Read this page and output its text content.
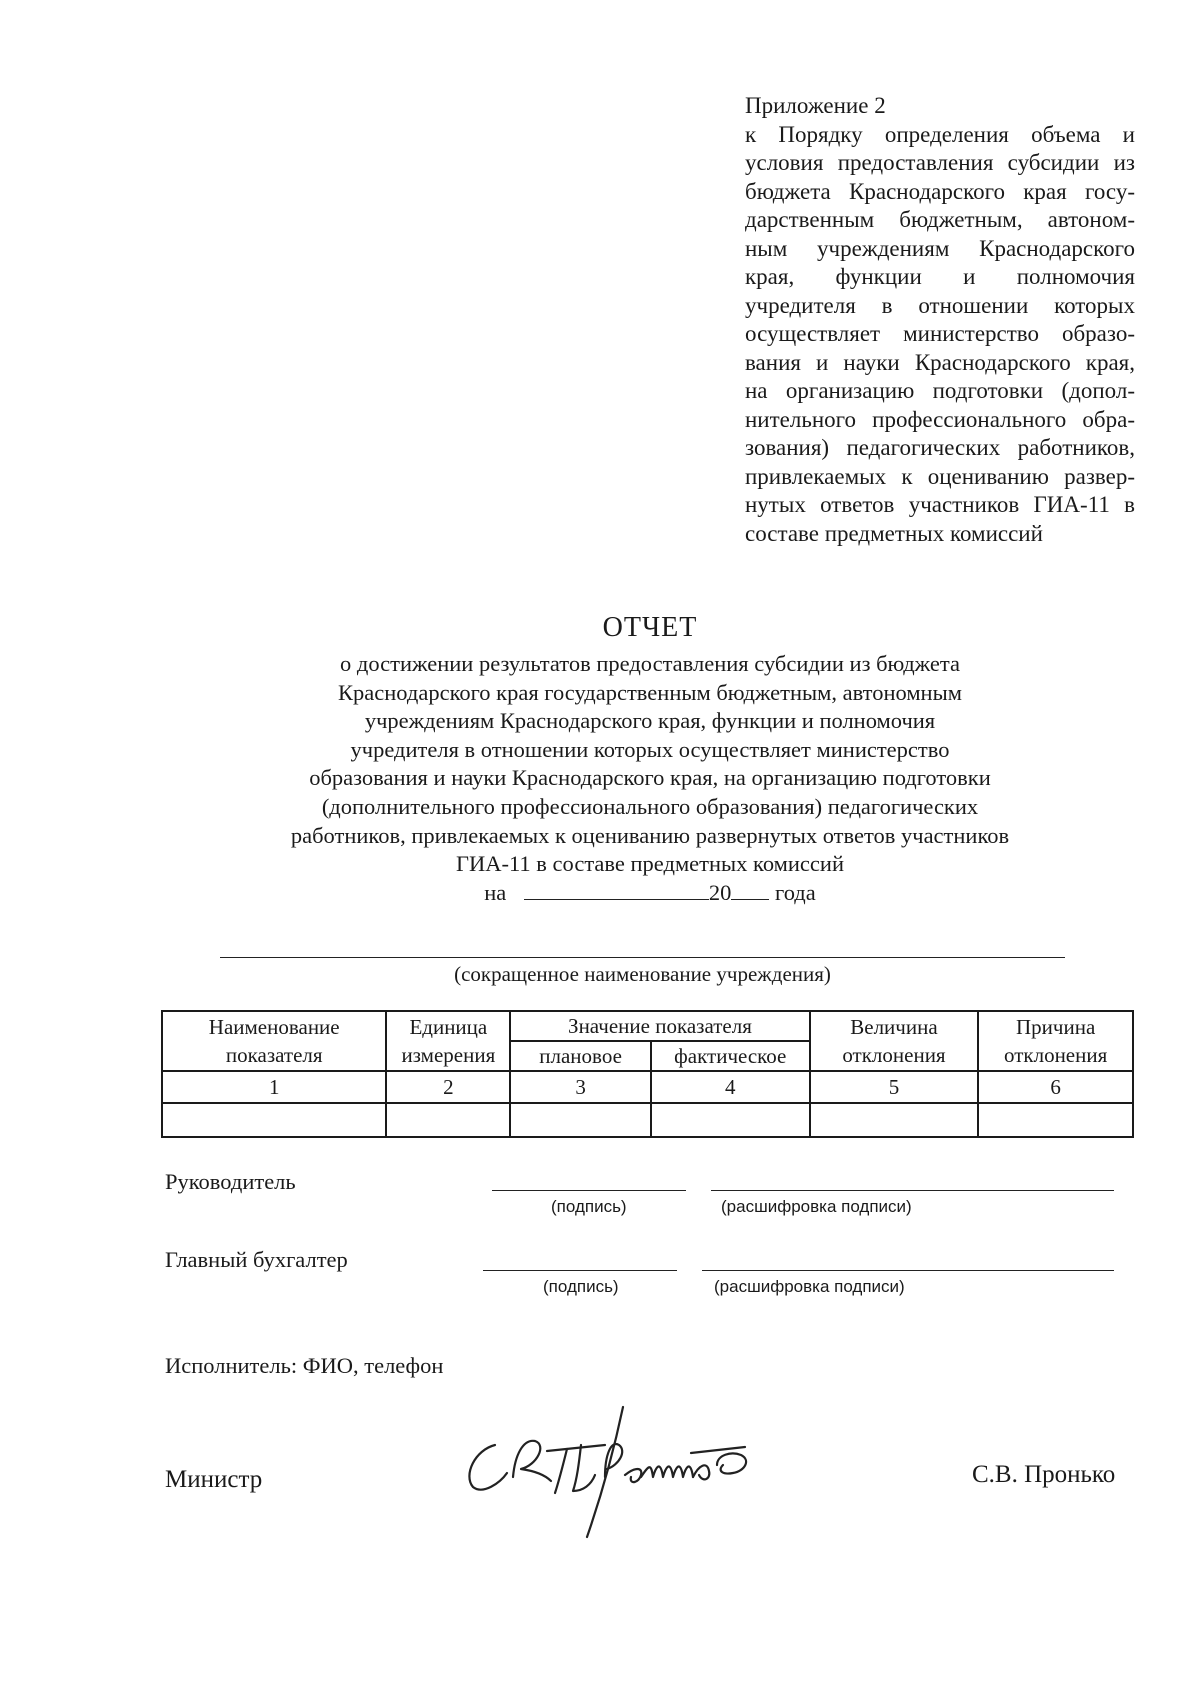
Приложение 2
к Порядку определения объема и
условия предоставления субсидии из
бюджета Краснодарского края госу-
дарственным бюджетным, автоном-
ным учреждениям Краснодарского
края, функции и полномочия
учредителя в отношении которых
осуществляет министерство образо-
вания и науки Краснодарского края,
на организацию подготовки (допол-
нительного профессионального обра-
зования) педагогических работников,
привлекаемых к оцениванию развер-
нутых ответов участников ГИА-11 в
составе предметных комиссий
ОТЧЕТ
о достижении результатов предоставления субсидии из бюджета
Краснодарского края государственным бюджетным, автономным
учреждениям Краснодарского края, функции и полномочия
учредителя в отношении которых осуществляет министерство
образования и науки Краснодарского края, на организацию подготовки
(дополнительного профессионального образования) педагогических
работников, привлекаемых к оцениванию развернутых ответов участников
ГИА-11 в составе предметных комиссий
на	20 года
(сокращенное наименование учреждения)
Наименование показателя	Единица измерения	Значение показателя		Величина отклонения	Причина отклонения
		плановое	фактическое		
1	2	3	4	5	6

Руководитель
(подпись)	(расшифровка подписи)
Главный бухгалтер
(подпись)	(расшифровка подписи)
Исполнитель: ФИО, телефон
Министр	С.В. Пронько
